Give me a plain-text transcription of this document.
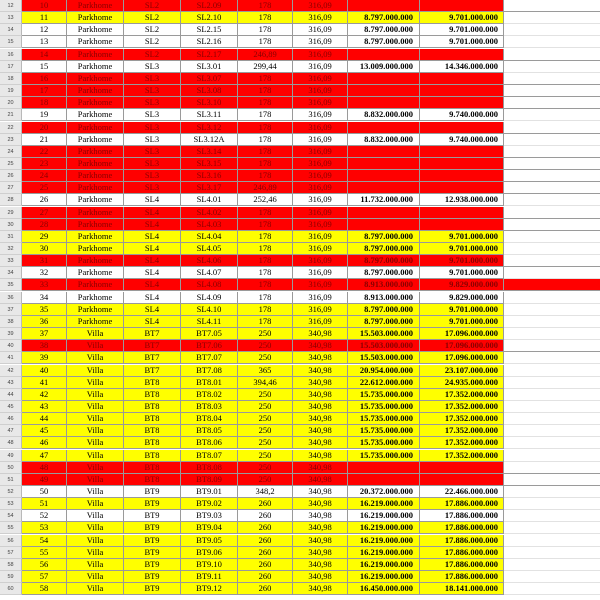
12	10	Parkhome	SL2	SL2.09	178	316,09
13	11	Parkhome	SL2	SL2.10	178	316,09	8.797.000.000	9.701.000.000
14	12	Parkhome	SL2	SL2.15	178	316,09	8.797.000.000	9.701.000.000
15	13	Parkhome	SL2	SL2.16	178	316,09	8.797.000.000	9.701.000.000
16	14	Parkhome	SL2	SL2.17	246,89	316,09
17	15	Parkhome	SL3	SL3.01	299,44	316,09	13.009.000.000	14.346.000.000
18	16	Parkhome	SL3	SL3.07	178	316,09
19	17	Parkhome	SL3	SL3.08	178	316,09
20	18	Parkhome	SL3	SL3.10	178	316,09
21	19	Parkhome	SL3	SL3.11	178	316,09	8.832.000.000	9.740.000.000
22	20	Parkhome	SL3	SL3.12	178	316,09
23	21	Parkhome	SL3	SL3.12A	178	316,09	8.832.000.000	9.740.000.000
24	22	Parkhome	SL3	SL3.14	178	316,09
25	23	Parkhome	SL3	SL3.15	178	316,09
26	24	Parkhome	SL3	SL3.16	178	316,09
27	25	Parkhome	SL3	SL3.17	246,89	316,09
28	26	Parkhome	SL4	SL4.01	252,46	316,09	11.732.000.000	12.938.000.000
29	27	Parkhome	SL4	SL4.02	178	316,09
30	28	Parkhome	SL4	SL4.03	178	316,09
31	29	Parkhome	SL4	SL4.04	178	316,09	8.797.000.000	9.701.000.000
32	30	Parkhome	SL4	SL4.05	178	316,09	8.797.000.000	9.701.000.000
33	31	Parkhome	SL4	SL4.06	178	316,09	8.797.000.000	9.701.000.000
34	32	Parkhome	SL4	SL4.07	178	316,09	8.797.000.000	9.701.000.000
35	33	Parkhome	SL4	SL4.08	178	316,09	8.913.000.000	9.829.000.000
36	34	Parkhome	SL4	SL4.09	178	316,09	8.913.000.000	9.829.000.000
37	35	Parkhome	SL4	SL4.10	178	316,09	8.797.000.000	9.701.000.000
38	36	Parkhome	SL4	SL4.11	178	316,09	8.797.000.000	9.701.000.000
39	37	Villa	BT7	BT7.05	250	340,98	15.503.000.000	17.096.000.000
40	38	Villa	BT7	BT7.06	250	340,98	15.503.000.000	17.096.000.000
41	39	Villa	BT7	BT7.07	250	340,98	15.503.000.000	17.096.000.000
42	40	Villa	BT7	BT7.08	365	340,98	20.954.000.000	23.107.000.000
43	41	Villa	BT8	BT8.01	394,46	340,98	22.612.000.000	24.935.000.000
44	42	Villa	BT8	BT8.02	250	340,98	15.735.000.000	17.352.000.000
45	43	Villa	BT8	BT8.03	250	340,98	15.735.000.000	17.352.000.000
46	44	Villa	BT8	BT8.04	250	340,98	15.735.000.000	17.352.000.000
47	45	Villa	BT8	BT8.05	250	340,98	15.735.000.000	17.352.000.000
48	46	Villa	BT8	BT8.06	250	340,98	15.735.000.000	17.352.000.000
49	47	Villa	BT8	BT8.07	250	340,98	15.735.000.000	17.352.000.000
50	48	Villa	BT8	BT8.08	250	340,98
51	49	Villa	BT8	BT8.09	250	340,98
52	50	Villa	BT9	BT9.01	348,2	340,98	20.372.000.000	22.466.000.000
53	51	Villa	BT9	BT9.02	260	340,98	16.219.000.000	17.886.000.000
54	52	Villa	BT9	BT9.03	260	340,98	16.219.000.000	17.886.000.000
55	53	Villa	BT9	BT9.04	260	340,98	16.219.000.000	17.886.000.000
56	54	Villa	BT9	BT9.05	260	340,98	16.219.000.000	17.886.000.000
57	55	Villa	BT9	BT9.06	260	340,98	16.219.000.000	17.886.000.000
58	56	Villa	BT9	BT9.10	260	340,98	16.219.000.000	17.886.000.000
59	57	Villa	BT9	BT9.11	260	340,98	16.219.000.000	17.886.000.000
60	58	Villa	BT9	BT9.12	260	340,98	16.450.000.000	18.141.000.000
